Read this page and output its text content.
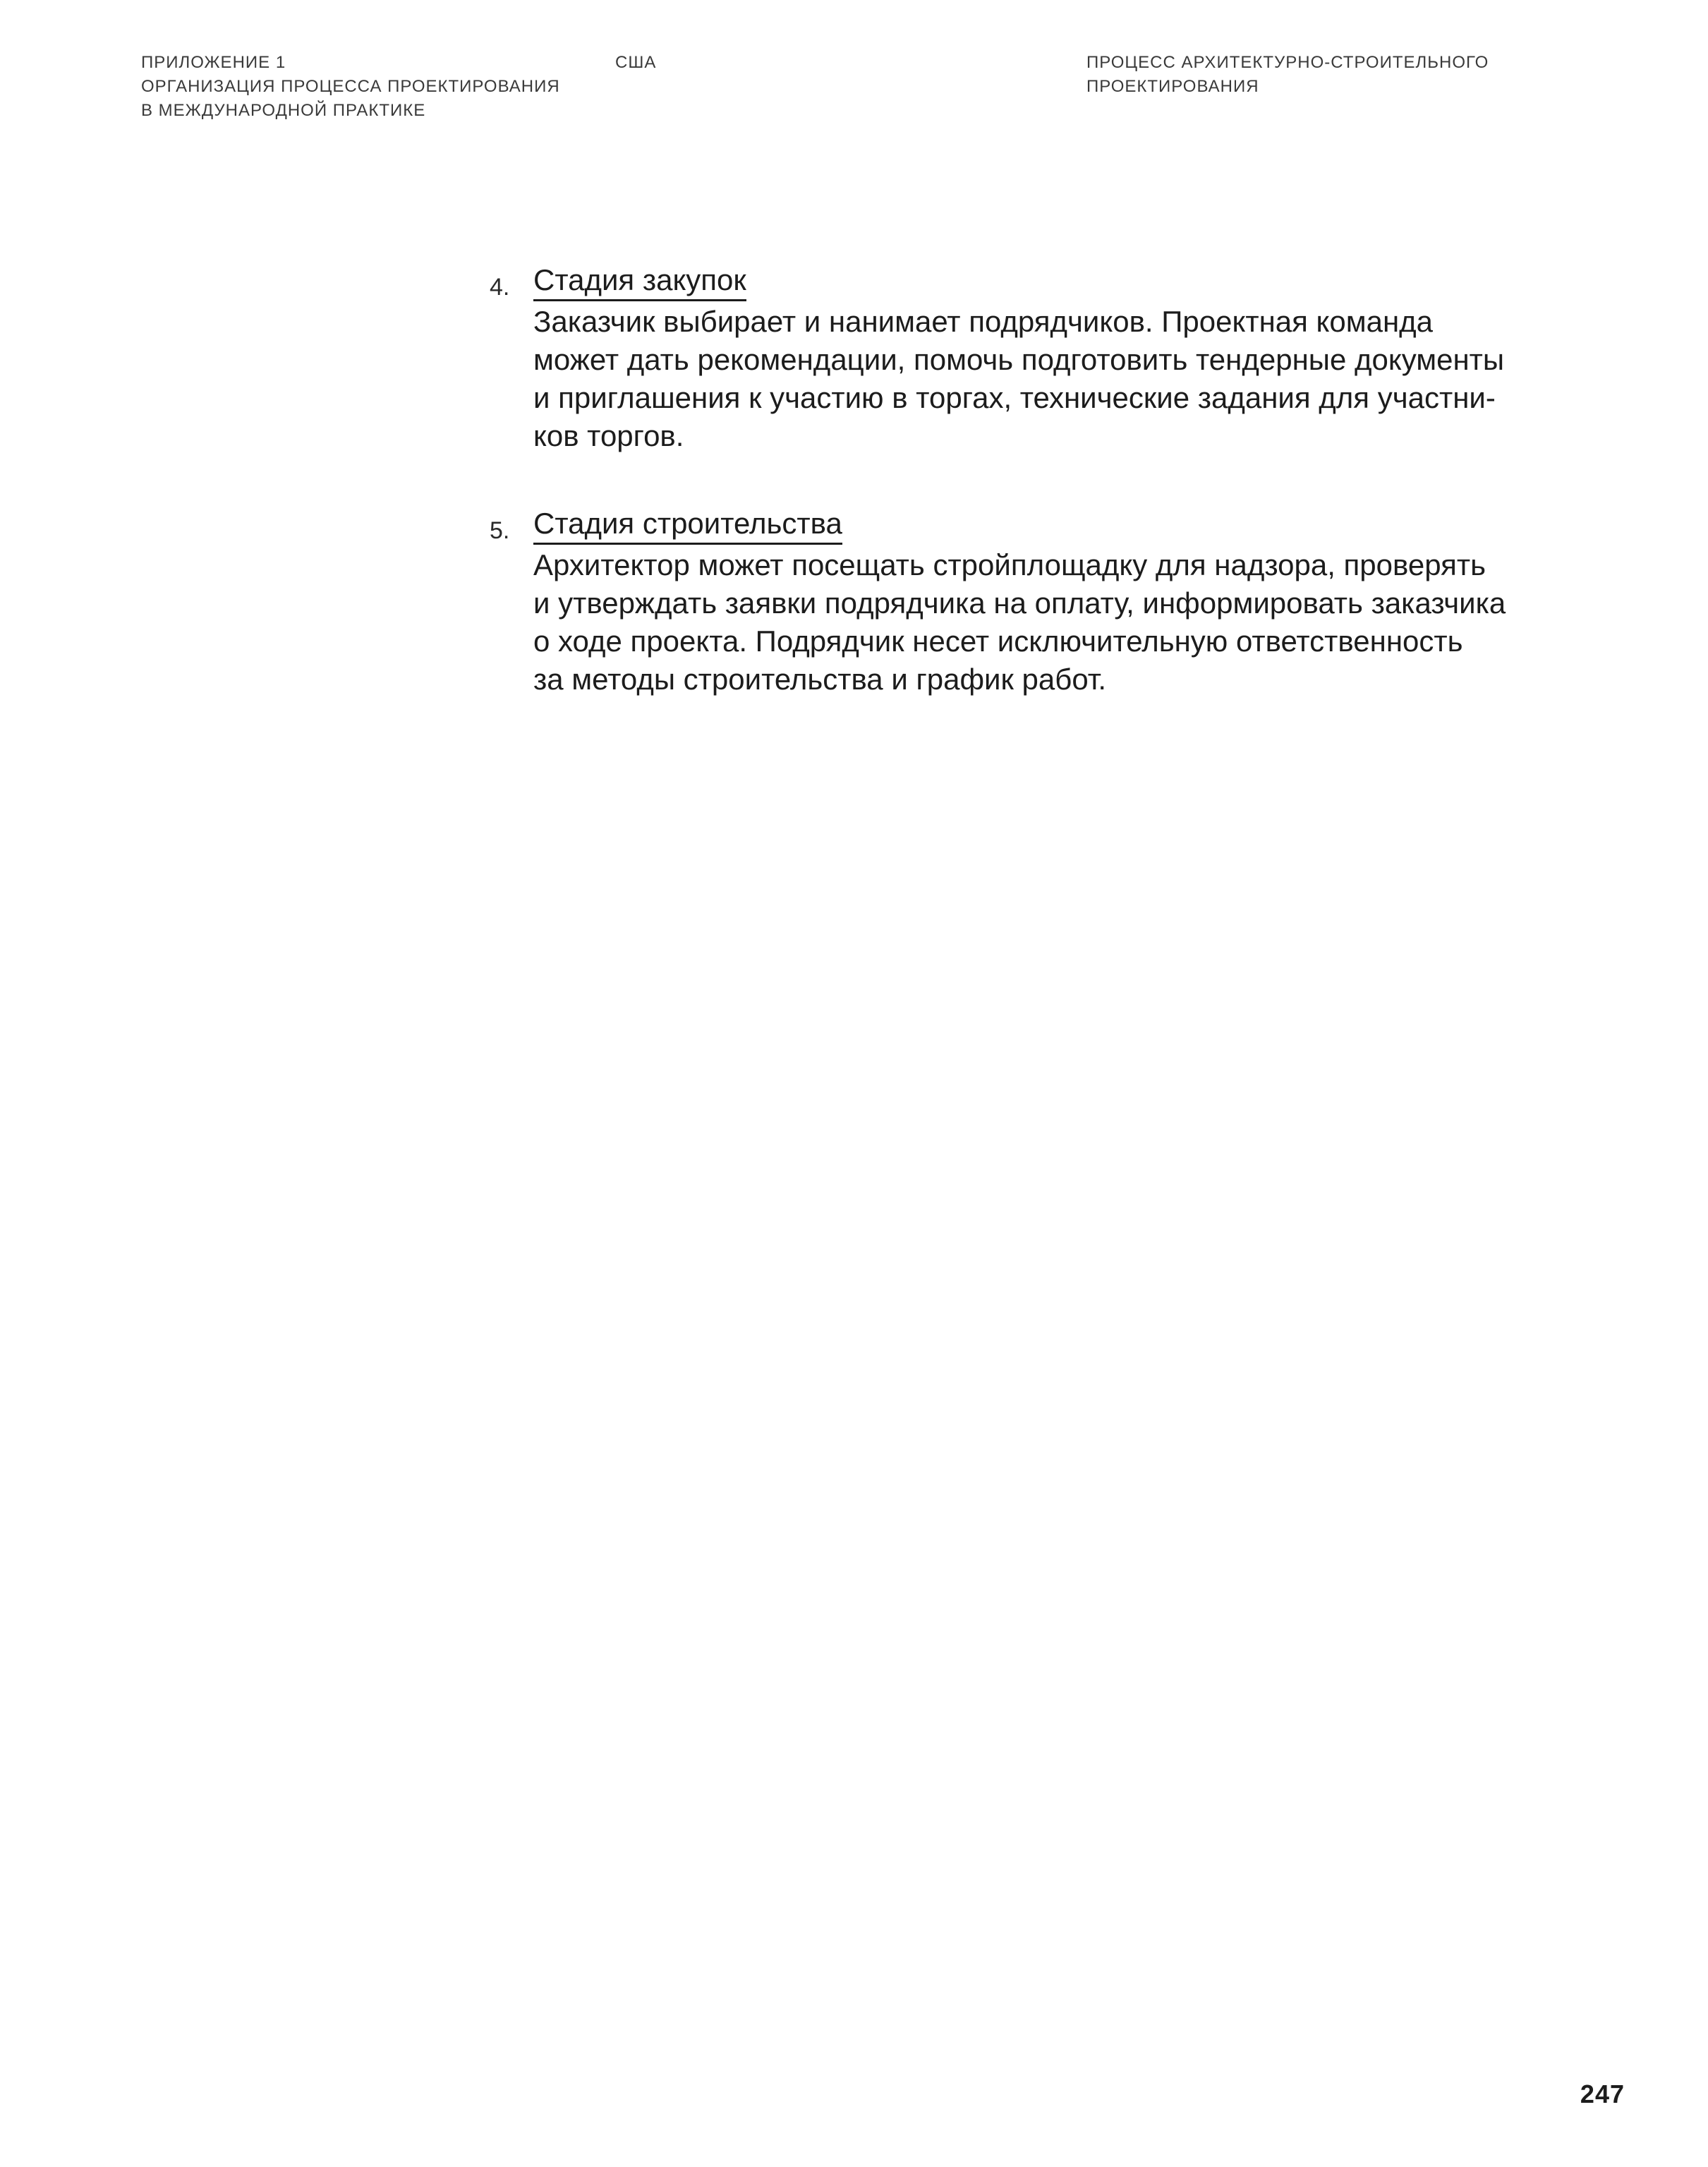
ПРИЛОЖЕНИЕ 1
ОРГАНИЗАЦИЯ ПРОЦЕССА ПРОЕКТИРОВАНИЯ
В МЕЖДУНАРОДНОЙ ПРАКТИКЕ
США	ПРОЦЕСС АРХИТЕКТУРНО-СТРОИТЕЛЬНОГО
ПРОЕКТИРОВАНИЯ
4. Стадия закупок
Заказчик выбирает и нанимает подрядчиков. Проектная команда
может дать рекомендации, помочь подготовить тендерные документы
и приглашения к участию в торгах, технические задания для участни-
ков торгов.
5. Стадия строительства
Архитектор может посещать стройплощадку для надзора, проверять
и утверждать заявки подрядчика на оплату, информировать заказчика
о ходе проекта. Подрядчик несет исключительную ответственность
за методы строительства и график работ.
247
